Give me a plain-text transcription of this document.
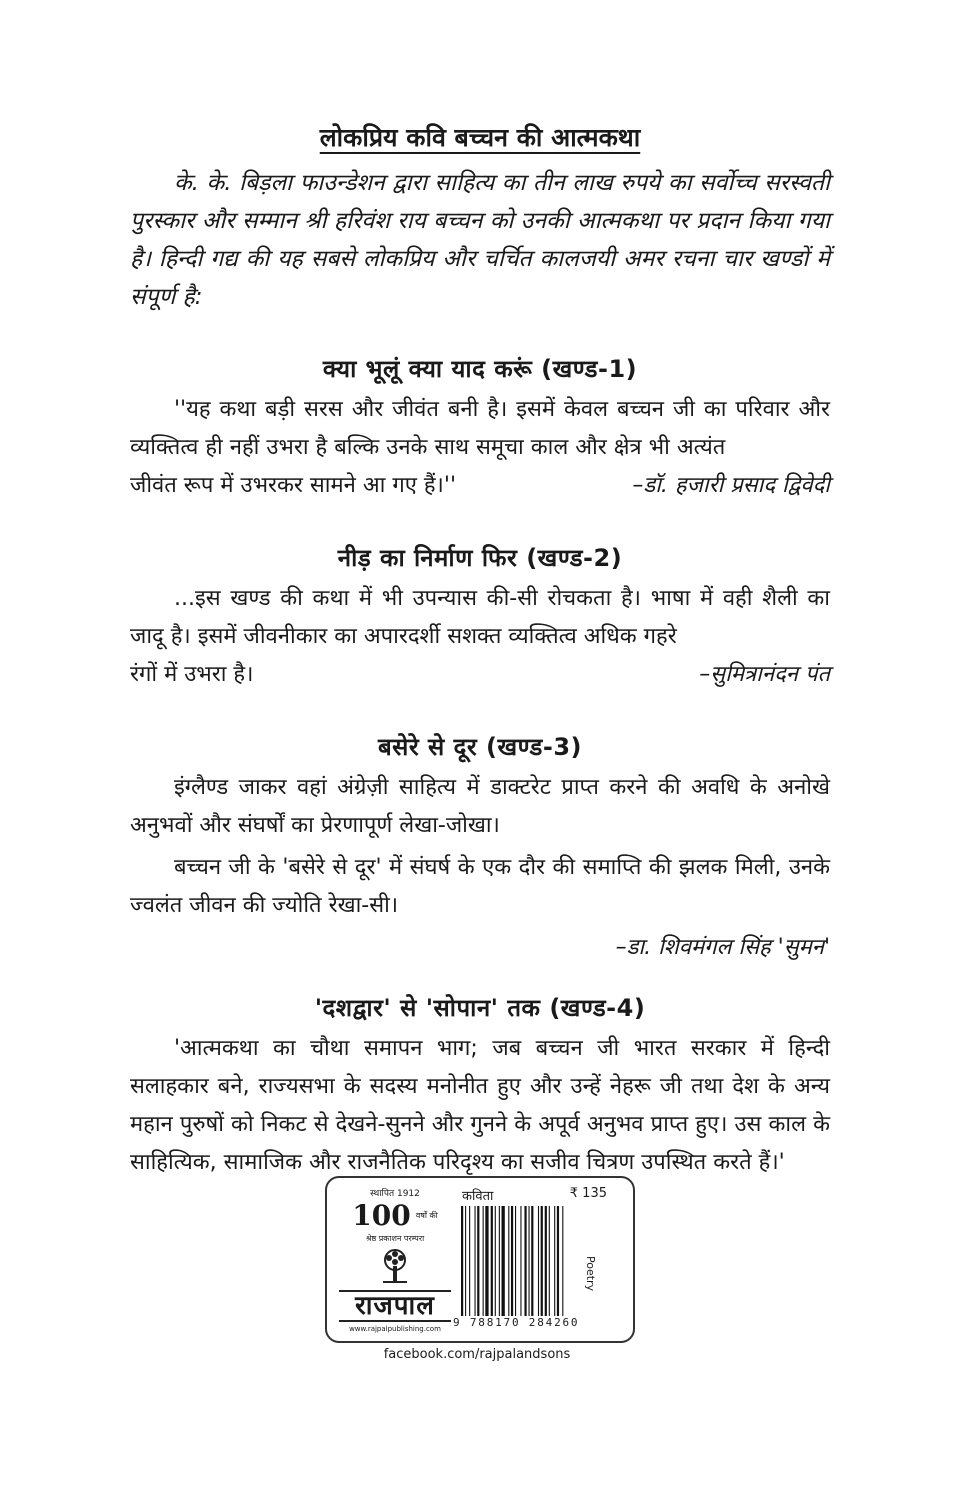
लोकप्रिय कवि बच्चन की आत्मकथा

के. के. बिड़ला फाउन्डेशन द्वारा साहित्य का तीन लाख रुपये का सर्वोच्च सरस्वती पुरस्कार और सम्मान श्री हरिवंश राय बच्चन को उनकी आत्मकथा पर प्रदान किया गया है। हिन्दी गद्य की यह सबसे लोकप्रिय और चर्चित कालजयी अमर रचना चार खण्डों में संपूर्ण है:

क्या भूलूं क्या याद करूं (खण्ड-1)

''यह कथा बड़ी सरस और जीवंत बनी है। इसमें केवल बच्चन जी का परिवार और व्यक्तित्व ही नहीं उभरा है बल्कि उनके साथ समूचा काल और क्षेत्र भी अत्यंत

जीवंत रूप में उभरकर सामने आ गए हैं।''	–डॉ. हजारी प्रसाद द्विवेदी

नीड़ का निर्माण फिर (खण्ड-2)

...इस खण्ड की कथा में भी उपन्यास की-सी रोचकता है। भाषा में वही शैली का जादू है। इसमें जीवनीकार का अपारदर्शी सशक्त व्यक्तित्व अधिक गहरे

रंगों में उभरा है।	–सुमित्रानंदन पंत

बसेरे से दूर (खण्ड-3)

इंग्लैण्ड जाकर वहां अंग्रेज़ी साहित्य में डाक्टरेट प्राप्त करने की अवधि के अनोखे अनुभवों और संघर्षों का प्रेरणापूर्ण लेखा-जोखा।

बच्चन जी के 'बसेरे से दूर' में संघर्ष के एक दौर की समाप्ति की झलक मिली, उनके ज्वलंत जीवन की ज्योति रेखा-सी।

–डा. शिवमंगल सिंह 'सुमन'

'दशद्वार' से 'सोपान' तक (खण्ड-4)

'आत्मकथा का चौथा समापन भाग; जब बच्चन जी भारत सरकार में हिन्दी सलाहकार बने, राज्यसभा के सदस्य मनोनीत हुए और उन्हें नेहरू जी तथा देश के अन्य महान पुरुषों को निकट से देखने-सुनने और गुनने के अपूर्व अनुभव प्राप्त हुए। उस काल के साहित्यिक, सामाजिक और राजनैतिक परिदृश्य का सजीव चित्रण उपस्थित करते हैं।'

स्थापित 1912
100 वर्षों की
श्रेष्ठ प्रकाशन परम्परा
राजपाल
www.rajpalpublishing.com
कविता	₹ 135
9 788170 284260
Poetry
facebook.com/rajpalandsons
